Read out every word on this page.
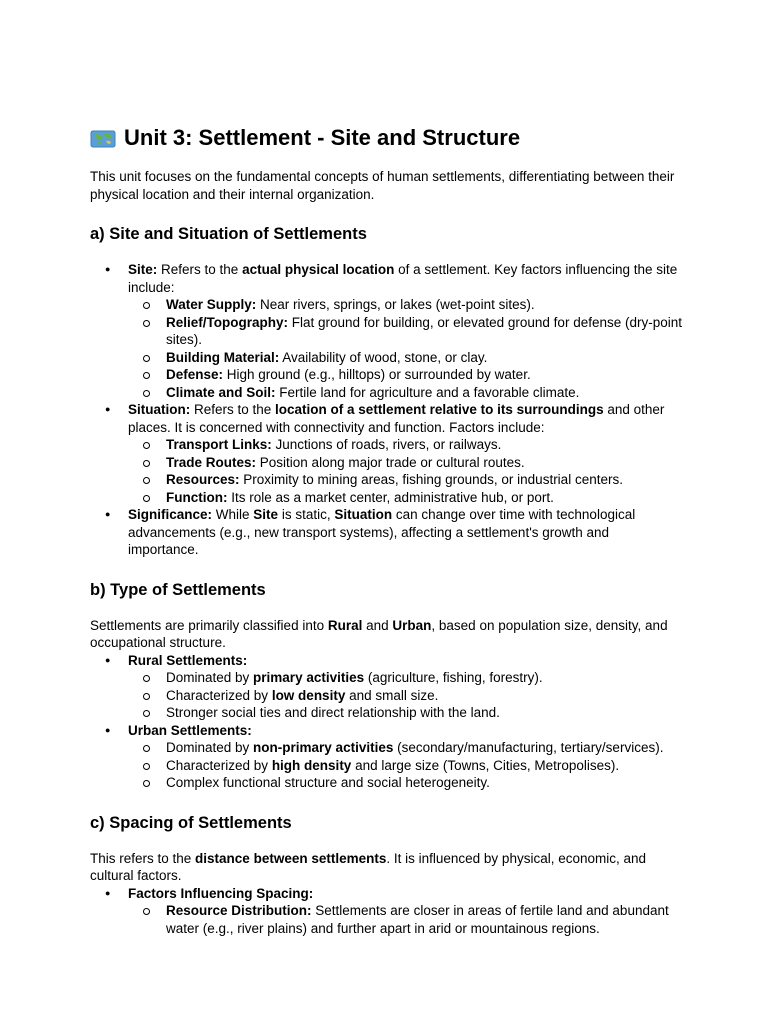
Unit 3: Settlement - Site and Structure

This unit focuses on the fundamental concepts of human settlements, differentiating between their physical location and their internal organization.

a) Site and Situation of Settlements
● Site: Refers to the actual physical location of a settlement. Key factors influencing the site include:
Water Supply: Near rivers, springs, or lakes (wet-point sites).
Relief/Topography: Flat ground for building, or elevated ground for defense (dry-point sites).
Building Material: Availability of wood, stone, or clay.
Defense: High ground (e.g., hilltops) or surrounded by water.
Climate and Soil: Fertile land for agriculture and a favorable climate.
● Situation: Refers to the location of a settlement relative to its surroundings and other places. It is concerned with connectivity and function. Factors include:
Transport Links: Junctions of roads, rivers, or railways.
Trade Routes: Position along major trade or cultural routes.
Resources: Proximity to mining areas, fishing grounds, or industrial centers.
Function: Its role as a market center, administrative hub, or port.
● Significance: While Site is static, Situation can change over time with technological advancements (e.g., new transport systems), affecting a settlement's growth and importance.
b) Type of Settlements

Settlements are primarily classified into Rural and Urban, based on population size, density, and occupational structure.

● Rural Settlements:
Dominated by primary activities (agriculture, fishing, forestry).
Characterized by low density and small size.
Stronger social ties and direct relationship with the land.
● Urban Settlements:
Dominated by non-primary activities (secondary/manufacturing, tertiary/services).
Characterized by high density and large size (Towns, Cities, Metropolises).
Complex functional structure and social heterogeneity.
c) Spacing of Settlements

This refers to the distance between settlements. It is influenced by physical, economic, and cultural factors.

● Factors Influencing Spacing:
Resource Distribution: Settlements are closer in areas of fertile land and abundant water (e.g., river plains) and further apart in arid or mountainous regions.
